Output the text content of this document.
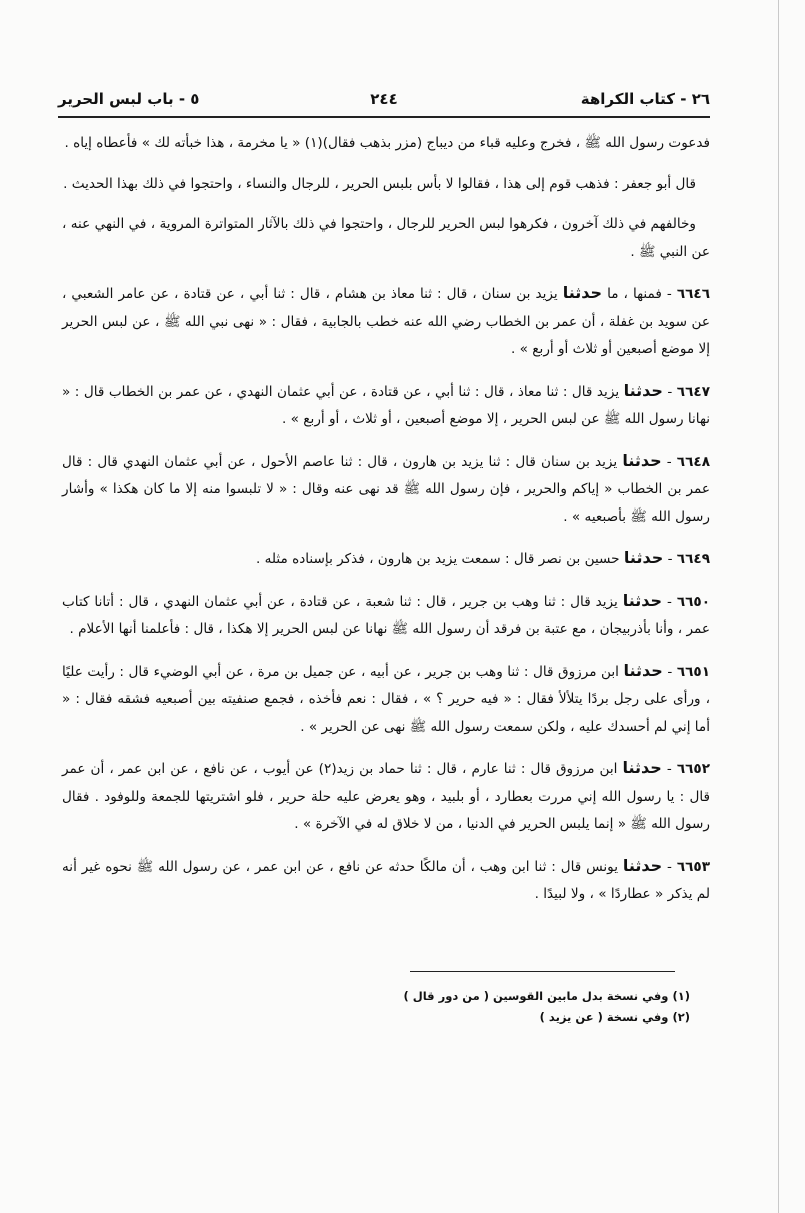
٢٦ - كتاب الكراهة
٢٤٤
٥ - باب لبس الحرير

فدعوت رسول الله ﷺ ، فخرج وعليه قباء من ديباج (مزر بذهب فقال)(١) « يا مخرمة ، هذا خبأته لك » فأعطاه إياه .

قال أبو جعفر : فذهب قوم إلى هذا ، فقالوا لا بأس بلبس الحرير ، للرجال والنساء ، واحتجوا في ذلك بهذا الحديث .

وخالفهم في ذلك آخرون ، فكرهوا لبس الحرير للرجال ، واحتجوا في ذلك بالآثار المتواترة المروية ، في النهي عنه ، عن النبي ﷺ .

٦٦٤٦ - فمنها ، ما حدثنا يزيد بن سنان ، قال : ثنا معاذ بن هشام ، قال : ثنا أبي ، عن قتادة ، عن عامر الشعبي ، عن سويد بن غفلة ، أن عمر بن الخطاب رضي الله عنه خطب بالجابية ، فقال : « نهى نبي الله ﷺ ، عن لبس الحرير إلا موضع أصبعين أو ثلاث أو أربع » .

٦٦٤٧ - حدثنا يزيد قال : ثنا معاذ ، قال : ثنا أبي ، عن قتادة ، عن أبي عثمان النهدي ، عن عمر بن الخطاب قال : « نهانا رسول الله ﷺ عن لبس الحرير ، إلا موضع أصبعين ، أو ثلاث ، أو أربع » .

٦٦٤٨ - حدثنا يزيد بن سنان قال : ثنا يزيد بن هارون ، قال : ثنا عاصم الأحول ، عن أبي عثمان النهدي قال : قال عمر بن الخطاب « إياكم والحرير ، فإن رسول الله ﷺ قد نهى عنه وقال : « لا تلبسوا منه إلا ما كان هكذا » وأشار رسول الله ﷺ بأصبعيه » .

٦٦٤٩ - حدثنا حسين بن نصر قال : سمعت يزيد بن هارون ، فذكر بإسناده مثله .

٦٦٥٠ - حدثنا يزيد قال : ثنا وهب بن جرير ، قال : ثنا شعبة ، عن قتادة ، عن أبي عثمان النهدي ، قال : أتانا كتاب عمر ، وأنا بأذربيجان ، مع عتبة بن فرقد أن رسول الله ﷺ نهانا عن لبس الحرير إلا هكذا ، قال : فأعلمنا أنها الأعلام .

٦٦٥١ - حدثنا ابن مرزوق قال : ثنا وهب بن جرير ، عن أبيه ، عن جميل بن مرة ، عن أبي الوضيء قال : رأيت عليًا ، ورأى على رجل بردًا يتلألأ فقال : « فيه حرير ؟ » ، فقال : نعم فأخذه ، فجمع صنفيته بين أصبعيه فشقه فقال : « أما إني لم أحسدك عليه ، ولكن سمعت رسول الله ﷺ نهى عن الحرير » .

٦٦٥٢ - حدثنا ابن مرزوق قال : ثنا عارم ، قال : ثنا حماد بن زيد(٢) عن أيوب ، عن نافع ، عن ابن عمر ، أن عمر قال : يا رسول الله إني مررت بعطارد ، أو بلبيد ، وهو يعرض عليه حلة حرير ، فلو اشتريتها للجمعة وللوفود . فقال رسول الله ﷺ « إنما يلبس الحرير في الدنيا ، من لا خلاق له في الآخرة » .

٦٦٥٣ - حدثنا يونس قال : ثنا ابن وهب ، أن مالكًا حدثه عن نافع ، عن ابن عمر ، عن رسول الله ﷺ نحوه غير أنه لم يذكر « عطاردًا » ، ولا لبيدًا .

(١) وفي نسخة بدل مابين القوسين ( من دور قال )
(٢) وفي نسخة ( عن يزيد )
